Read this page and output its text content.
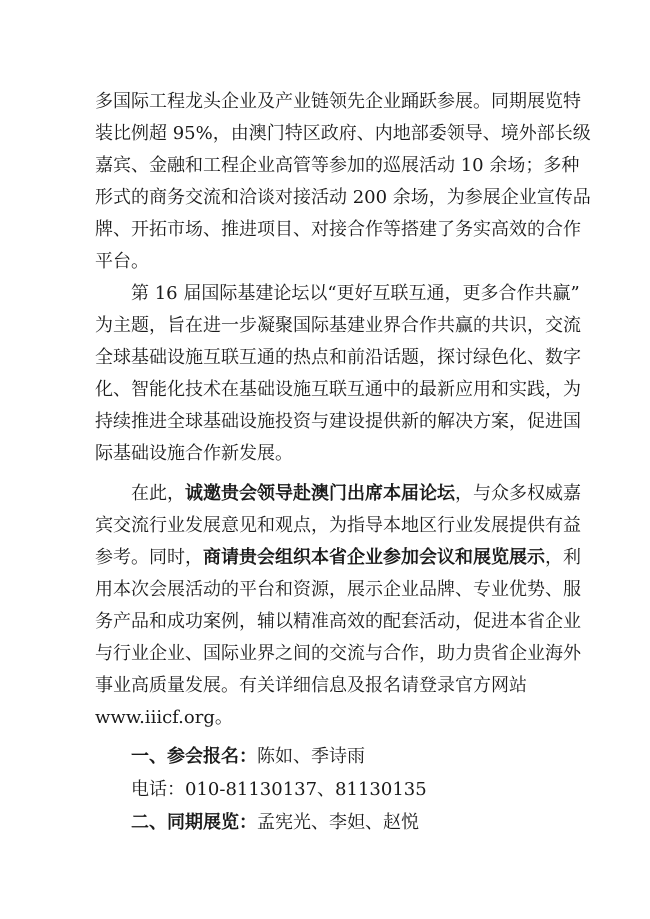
多国际工程龙头企业及产业链领先企业踊跃参展。同期展览特
装比例超 95%，由澳门特区政府、内地部委领导、境外部长级
嘉宾、金融和工程企业高管等参加的巡展活动 10 余场；多种
形式的商务交流和洽谈对接活动 200 余场，为参展企业宣传品
牌、开拓市场、推进项目、对接合作等搭建了务实高效的合作
平台。
第 16 届国际基建论坛以“更好互联互通，更多合作共赢”
为主题，旨在进一步凝聚国际基建业界合作共赢的共识，交流
全球基础设施互联互通的热点和前沿话题，探讨绿色化、数字
化、智能化技术在基础设施互联互通中的最新应用和实践，为
持续推进全球基础设施投资与建设提供新的解决方案，促进国
际基础设施合作新发展。
在此，诚邀贵会领导赴澳门出席本届论坛，与众多权威嘉
宾交流行业发展意见和观点，为指导本地区行业发展提供有益
参考。同时，商请贵会组织本省企业参加会议和展览展示，利
用本次会展活动的平台和资源，展示企业品牌、专业优势、服
务产品和成功案例，辅以精准高效的配套活动，促进本省企业
与行业企业、国际业界之间的交流与合作，助力贵省企业海外
事业高质量发展。有关详细信息及报名请登录官方网站
www.iiicf.org。
一、参会报名：陈如、季诗雨
电话：010-81130137、81130135
二、同期展览：孟宪光、李妲、赵悦
